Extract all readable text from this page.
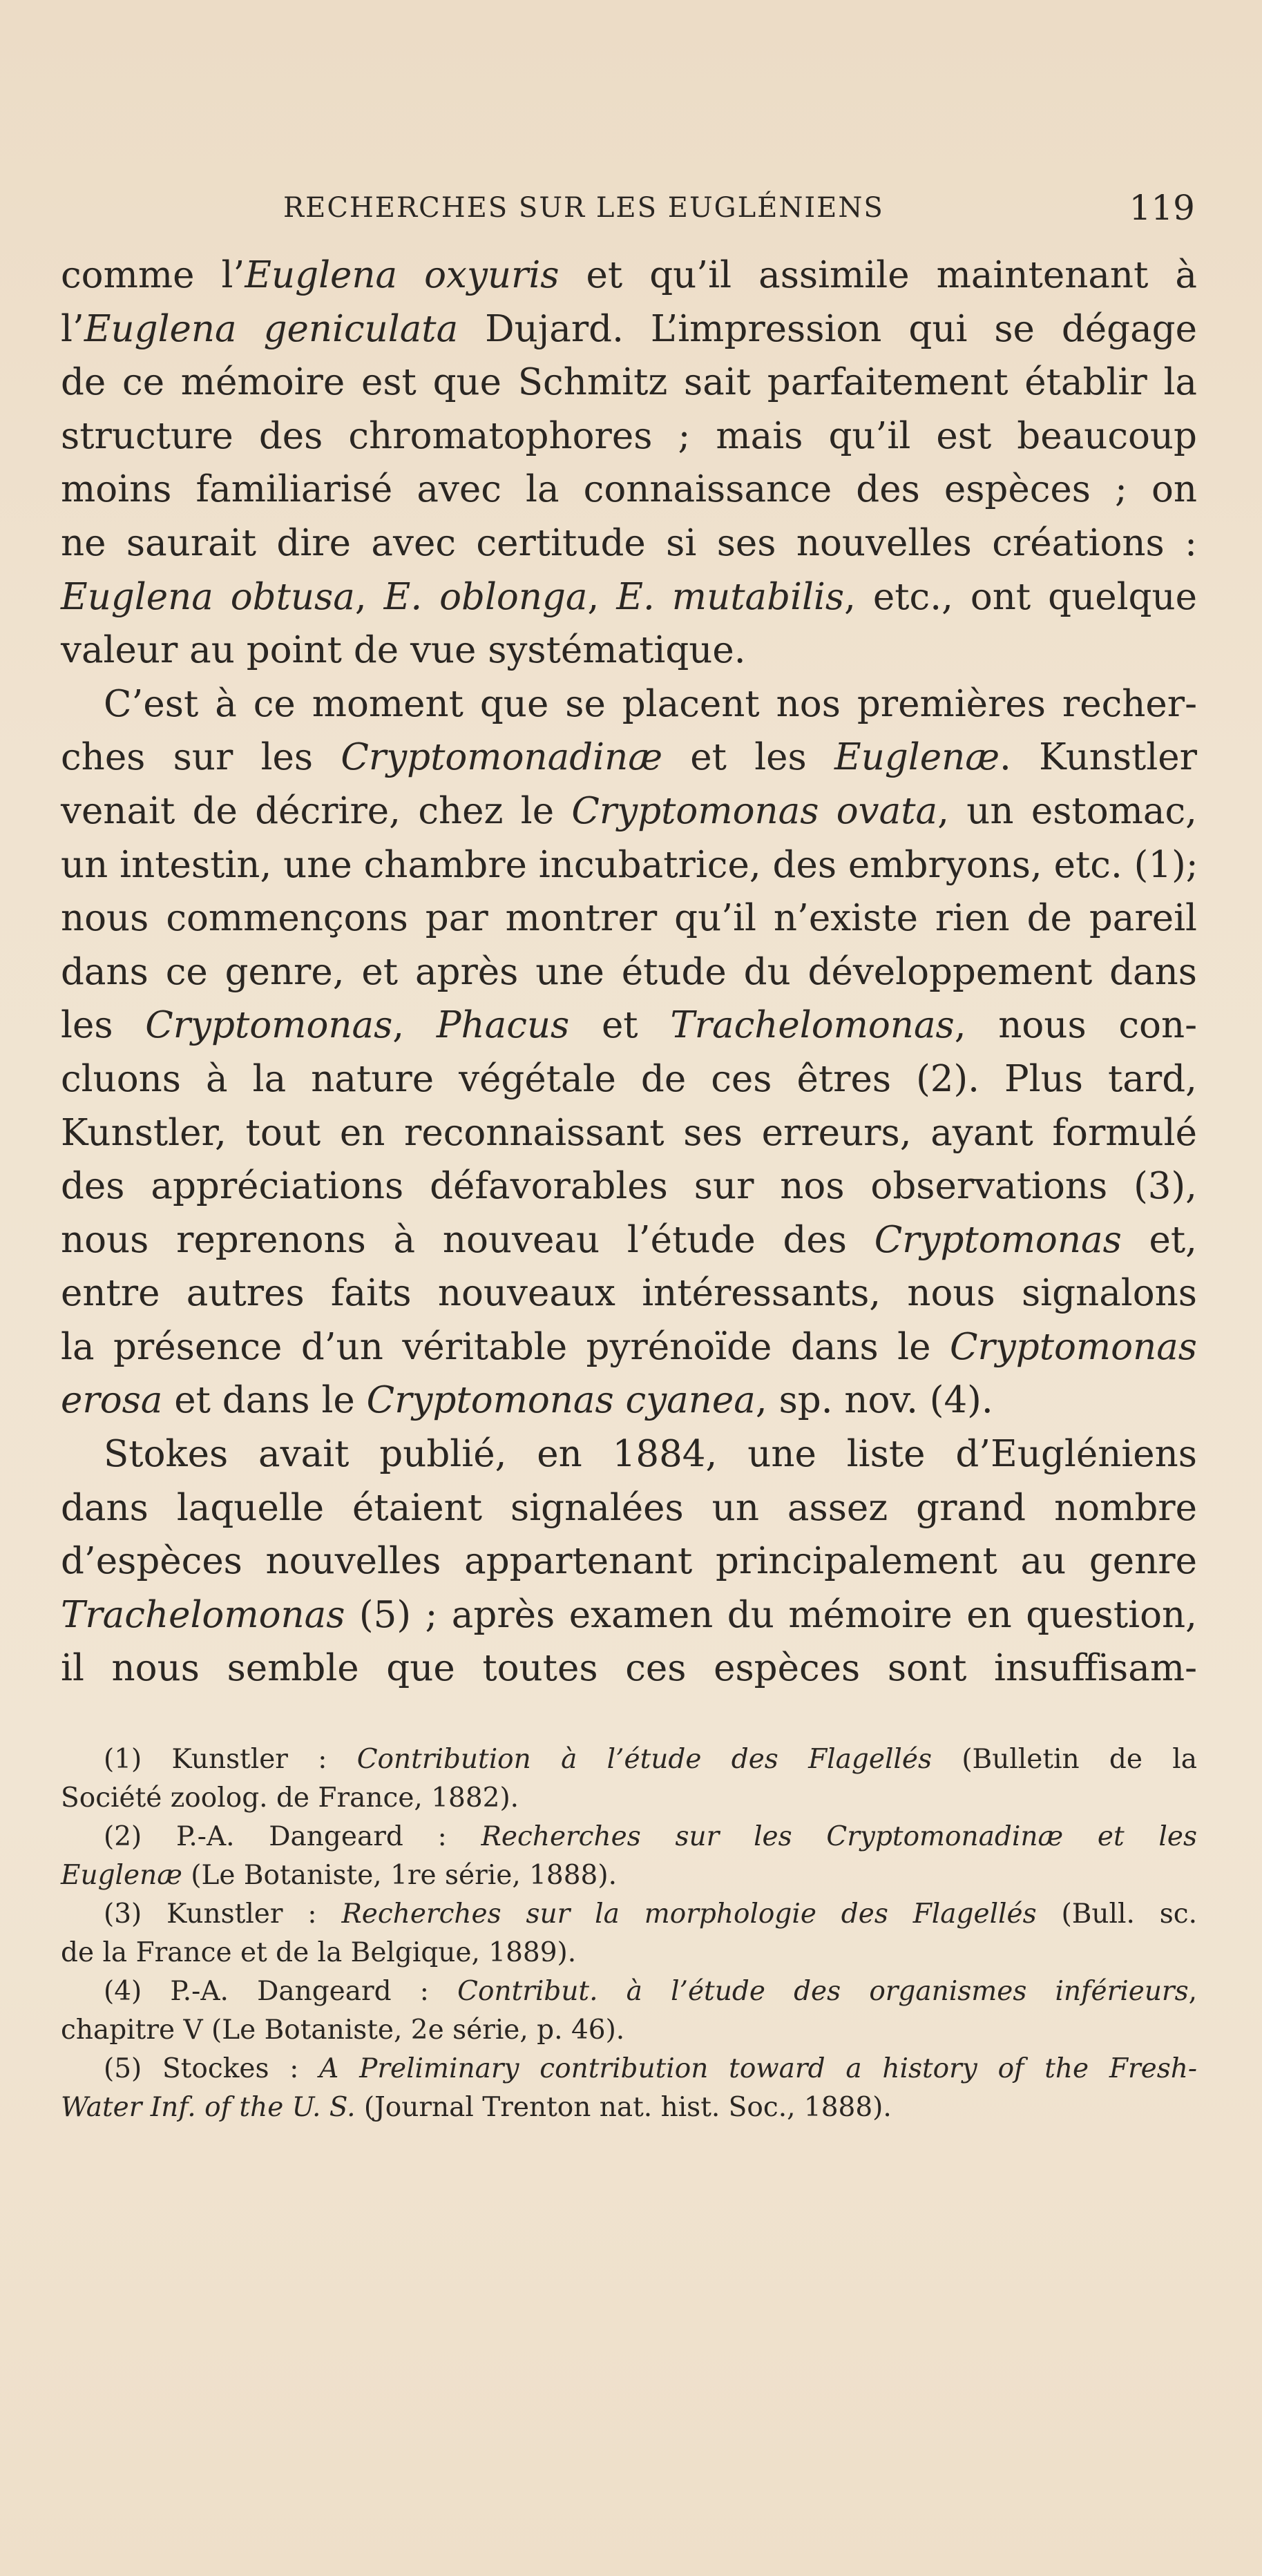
RECHERCHES SUR LES EUGLÉNIENS	119
comme l’Euglena oxyuris et qu’il assimile maintenant à
l’Euglena geniculata Dujard. L’impression qui se dégage
de ce mémoire est que Schmitz sait parfaitement établir la
structure des chromatophores ; mais qu’il est beaucoup
moins familiarisé avec la connaissance des espèces ; on
ne saurait dire avec certitude si ses nouvelles créations :
Euglena obtusa, E. oblonga, E. mutabilis, etc., ont quelque
valeur au point de vue systématique.
C’est à ce moment que se placent nos premières recher-
ches sur les Cryptomonadinæ et les Euglenæ. Kunstler
venait de décrire, chez le Cryptomonas ovata, un estomac,
un intestin, une chambre incubatrice, des embryons, etc. (1);
nous commençons par montrer qu’il n’existe rien de pareil
dans ce genre, et après une étude du développement dans
les Cryptomonas, Phacus et Trachelomonas, nous con-
cluons à la nature végétale de ces êtres (2). Plus tard,
Kunstler, tout en reconnaissant ses erreurs, ayant formulé
des appréciations défavorables sur nos observations (3),
nous reprenons à nouveau l’étude des Cryptomonas et,
entre autres faits nouveaux intéressants, nous signalons
la présence d’un véritable pyrénoïde dans le Cryptomonas
erosa et dans le Cryptomonas cyanea, sp. nov. (4).
Stokes avait publié, en 1884, une liste d’Eugléniens
dans laquelle étaient signalées un assez grand nombre
d’espèces nouvelles appartenant principalement au genre
Trachelomonas (5) ; après examen du mémoire en question,
il nous semble que toutes ces espèces sont insuffisam-
(1) Kunstler : Contribution à l’étude des Flagellés (Bulletin de la
Société zoolog. de France, 1882).
(2) P.-A. Dangeard : Recherches sur les Cryptomonadinæ et les
Euglenæ (Le Botaniste, 1re série, 1888).
(3) Kunstler : Recherches sur la morphologie des Flagellés (Bull. sc.
de la France et de la Belgique, 1889).
(4) P.-A. Dangeard : Contribut. à l’étude des organismes inférieurs,
chapitre V (Le Botaniste, 2e série, p. 46).
(5) Stockes : A Preliminary contribution toward a history of the Fresh-
Water Inf. of the U. S. (Journal Trenton nat. hist. Soc., 1888).
